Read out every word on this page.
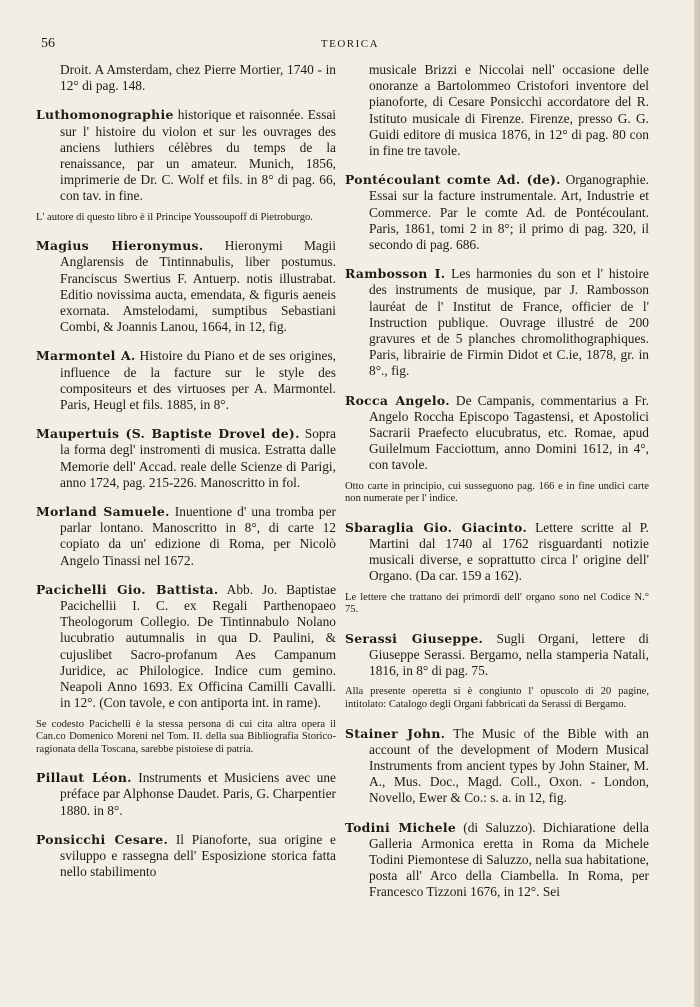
56	TEORICA

Droit. A Amsterdam, chez Pierre Mortier, 1740 - in 12° di pag. 148.

Luthomonographie historique et raisonnée. Essai sur l' histoire du violon et sur les ouvrages des anciens luthiers célèbres du temps de la renaissance, par un amateur. Munich, 1856, imprimerie de Dr. C. Wolf et fils. in 8° di pag. 66, con tav. in fine.

L' autore di questo libro è il Principe Youssoupoff di Pietroburgo.

Magius Hieronymus. Hieronymi Magii Anglarensis de Tintinnabulis, liber postumus. Franciscus Swertius F. Antuerp. notis illustrabat. Editio novissima aucta, emendata, & figuris aeneis exornata. Amstelodami, sumptibus Sebastiani Combi, & Joannis Lanou, 1664, in 12, fig.

Marmontel A. Histoire du Piano et de ses origines, influence de la facture sur le style des compositeurs et des virtuoses per A. Marmontel. Paris, Heugl et fils. 1885, in 8°.

Maupertuis (S. Baptiste Drovel de). Sopra la forma degl' instromenti di musica. Estratta dalle Memorie dell' Accad. reale delle Scienze di Parigi, anno 1724, pag. 215-226. Manoscritto in fol.

Morland Samuele. Inuentione d' una tromba per parlar lontano. Manoscritto in 8°, di carte 12 copiato da un' edizione di Roma, per Nicolò Angelo Tinassi nel 1672.

Pacichelli Gio. Battista. Abb. Jo. Baptistae Pacichellii I. C. ex Regali Parthenopaeo Theologorum Collegio. De Tintinnabulo Nolano lucubratio autumnalis in qua D. Paulini, & cujuslibet Sacro-profanum Aes Campanum Juridice, ac Philologice. Indice cum gemino. Neapoli Anno 1693. Ex Officina Camilli Cavalli. in 12°. (Con tavole, e con antiporta int. in rame).

Se codesto Pacichelli è la stessa persona di cui cita altra opera il Can.co Domenico Moreni nel Tom. II. della sua Bibliografia Storico-ragionata della Toscana, sarebbe pistoiese di patria.

Pillaut Léon. Instruments et Musiciens avec une préface par Alphonse Daudet. Paris, G. Charpentier 1880. in 8°.

Ponsicchi Cesare. Il Pianoforte, sua origine e sviluppo e rassegna dell' Esposizione storica fatta nello stabilimento

musicale Brizzi e Niccolai nell' occasione delle onoranze a Bartolommeo Cristofori inventore del pianoforte, di Cesare Ponsicchi accordatore del R. Istituto musicale di Firenze. Firenze, presso G. G. Guidi editore di musica 1876, in 12° di pag. 80 con in fine tre tavole.

Pontécoulant comte Ad. (de). Organographie. Essai sur la facture instrumentale. Art, Industrie et Commerce. Par le comte Ad. de Pontécoulant. Paris, 1861, tomi 2 in 8°; il primo di pag. 320, il secondo di pag. 686.

Rambosson I. Les harmonies du son et l' histoire des instruments de musique, par J. Rambosson lauréat de l' Institut de France, officier de l' Instruction publique. Ouvrage illustré de 200 gravures et de 5 planches chromolithographiques. Paris, librairie de Firmin Didot et C.ie, 1878, gr. in 8°., fig.

Rocca Angelo. De Campanis, commentarius a Fr. Angelo Roccha Episcopo Tagastensi, et Apostolici Sacrarii Praefecto elucubratus, etc. Romae, apud Guilelmum Facciottum, anno Domini 1612, in 4°, con tavole.

Otto carte in principio, cui susseguono pag. 166 e in fine undici carte non numerate per l' indice.

Sbaraglia Gio. Giacinto. Lettere scritte al P. Martini dal 1740 al 1762 risguardanti notizie musicali diverse, e soprattutto circa l' origine dell' Organo. (Da car. 159 a 162).

Le lettere che trattano dei primordi dell' organo sono nel Codice N.° 75.

Serassi Giuseppe. Sugli Organi, lettere di Giuseppe Serassi. Bergamo, nella stamperia Natali, 1816, in 8° di pag. 75.

Alla presente operetta si è congiunto l' opuscolo di 20 pagine, intitolato: Catalogo degli Organi fabbricati da Serassi di Bergamo.

Stainer John. The Music of the Bible with an account of the development of Modern Musical Instruments from ancient types by John Stainer, M. A., Mus. Doc., Magd. Coll., Oxon. - London, Novello, Ewer & Co.: s. a. in 12, fig.

Todini Michele (di Saluzzo). Dichiaratione della Galleria Armonica eretta in Roma da Michele Todini Piemontese di Saluzzo, nella sua habitatione, posta all' Arco della Ciambella. In Roma, per Francesco Tizzoni 1676, in 12°. Sei
